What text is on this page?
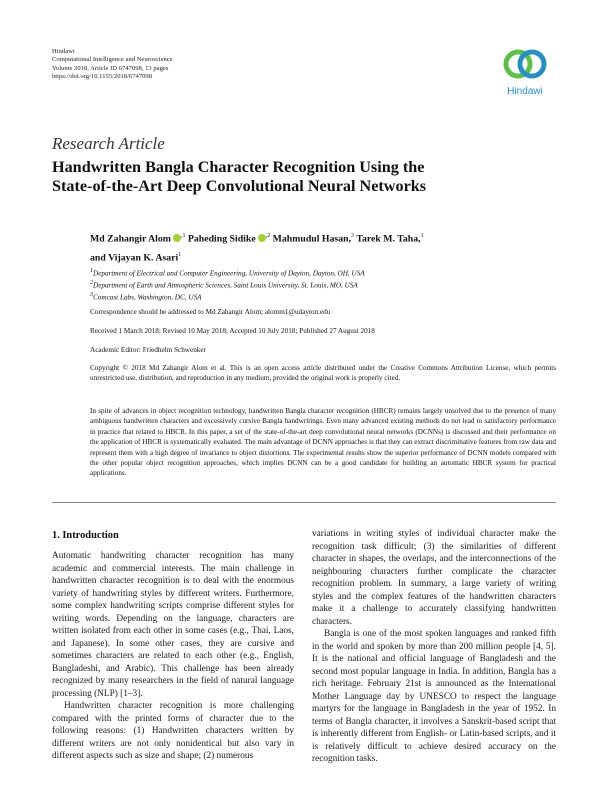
Hindawi
Computational Intelligence and Neuroscience
Volume 2018, Article ID 6747098, 13 pages
https://doi.org/10.1155/2018/6747098
Hindawi
Research Article
Handwritten Bangla Character Recognition Using the
State-of-the-Art Deep Convolutional Neural Networks
Md Zahangir Alom $^{,1}$ Paheding Sidike $^{,2}$ Mahmudul Hasan,$^3$ Tarek M. Taha,$^1$
and Vijayan K. Asari$^1$
$^1$Department of Electrical and Computer Engineering, University of Dayton, Dayton, OH, USA
$^2$Department of Earth and Atmospheric Sciences, Saint Louis University, St. Louis, MO, USA
$^3$Comcast Labs, Washington, DC, USA
Correspondence should be addressed to Md Zahangir Alom; alomm1@udayton.edu
Received 1 March 2018; Revised 10 May 2018; Accepted 10 July 2018; Published 27 August 2018
Academic Editor: Friedhelm Schwenker
Copyright © 2018 Md Zahangir Alom et al. This is an open access article distributed under the Creative Commons Attribution License, which permits unrestricted use, distribution, and reproduction in any medium, provided the original work is properly cited.
In spite of advances in object recognition technology, handwritten Bangla character recognition (HBCR) remains largely unsolved due to the presence of many ambiguous handwritten characters and excessively cursive Bangla handwritings. Even many advanced existing methods do not lead to satisfactory performance in practice that related to HBCR. In this paper, a set of the state-of-the-art deep convolutional neural networks (DCNNs) is discussed and their performance on the application of HBCR is systematically evaluated. The main advantage of DCNN approaches is that they can extract discriminative features from raw data and represent them with a high degree of invariance to object distortions. The experimental results show the superior performance of DCNN models compared with the other popular object recognition approaches, which implies DCNN can be a good candidate for building an automatic HBCR system for practical applications.
1. Introduction

Automatic handwriting character recognition has many academic and commercial interests. The main challenge in handwritten character recognition is to deal with the enormous variety of handwriting styles by different writers. Furthermore, some complex handwriting scripts comprise different styles for writing words. Depending on the language, characters are written isolated from each other in some cases (e.g., Thai, Laos, and Japanese). In some other cases, they are cursive and sometimes characters are related to each other (e.g., English, Bangladeshi, and Arabic). This challenge has been already recognized by many researchers in the field of natural language processing (NLP) [1–3].

Handwritten character recognition is more challenging compared with the printed forms of character due to the following reasons: (1) Handwritten characters written by different writers are not only nonidentical but also vary in different aspects such as size and shape; (2) numerous

variations in writing styles of individual character make the recognition task difficult; (3) the similarities of different character in shapes, the overlaps, and the interconnections of the neighbouring characters further complicate the character recognition problem. In summary, a large variety of writing styles and the complex features of the handwritten characters make it a challenge to accurately classifying handwritten characters.

Bangla is one of the most spoken languages and ranked fifth in the world and spoken by more than 200 million people [4, 5]. It is the national and official language of Bangladesh and the second most popular language in India. In addition, Bangla has a rich heritage. February 21st is announced as the International Mother Language day by UNESCO to respect the language martyrs for the language in Bangladesh in the year of 1952. In terms of Bangla character, it involves a Sanskrit-based script that is inherently different from English- or Latin-based scripts, and it is relatively difficult to achieve desired accuracy on the recognition tasks.
